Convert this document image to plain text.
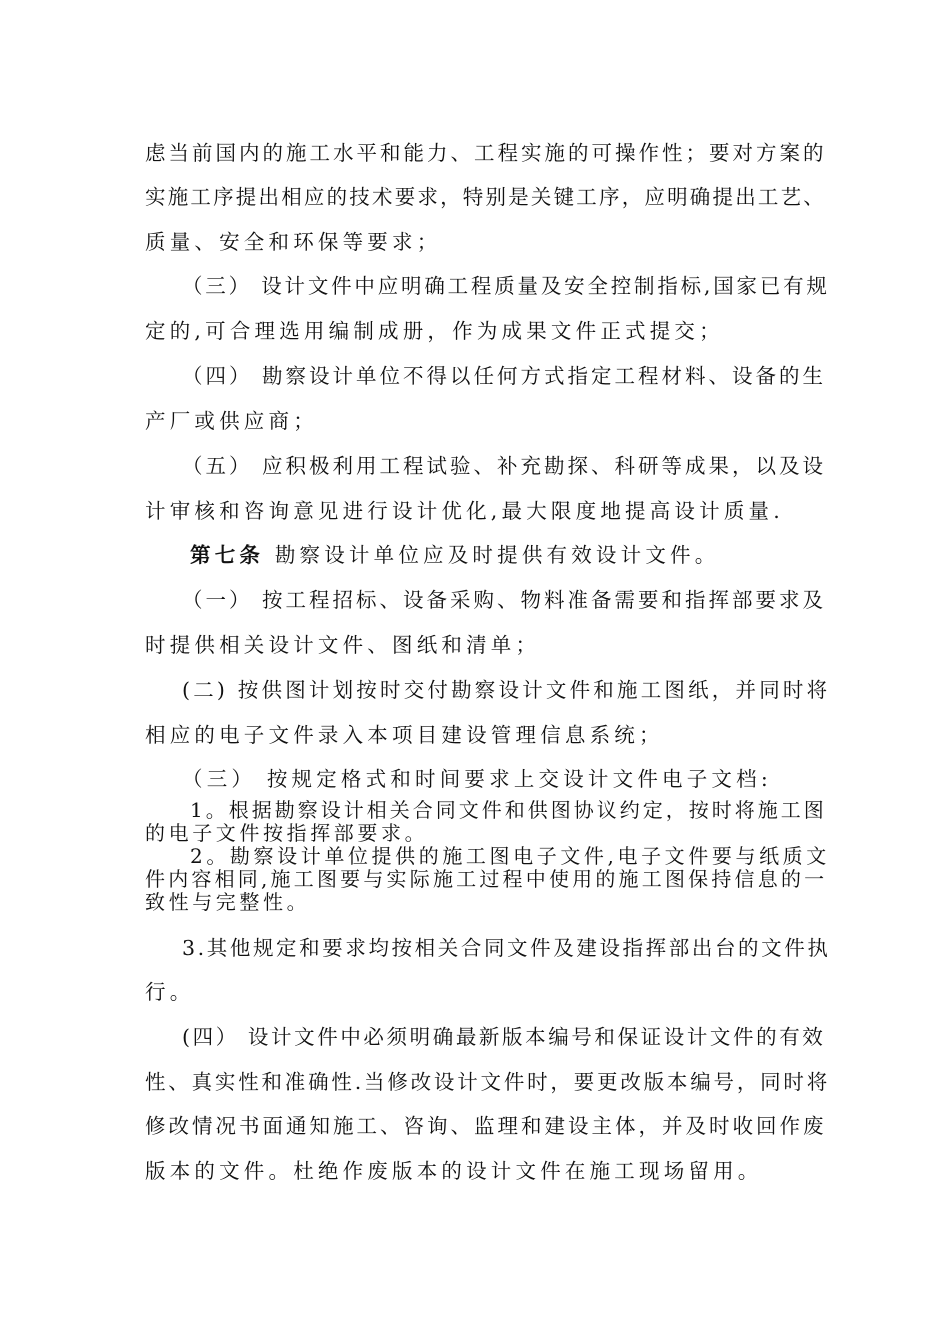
虑当前国内的施工水平和能力、工程实施的可操作性；要对方案的
实施工序提出相应的技术要求，特别是关键工序，应明确提出工艺、
质量、安全和环保等要求；
（三） 设计文件中应明确工程质量及安全控制指标,国家已有规
定的,可合理选用编制成册，作为成果文件正式提交；
（四） 勘察设计单位不得以任何方式指定工程材料、设备的生
产厂或供应商；
（五） 应积极利用工程试验、补充勘探、科研等成果，以及设
计审核和咨询意见进行设计优化,最大限度地提高设计质量.
第七条 勘察设计单位应及时提供有效设计文件。
（一） 按工程招标、设备采购、物料准备需要和指挥部要求及
时提供相关设计文件、图纸和清单；
(二) 按供图计划按时交付勘察设计文件和施工图纸，并同时将
相应的电子文件录入本项目建设管理信息系统；
（三） 按规定格式和时间要求上交设计文件电子文档:
1。根据勘察设计相关合同文件和供图协议约定，按时将施工图
的电子文件按指挥部要求。
2。勘察设计单位提供的施工图电子文件,电子文件要与纸质文
件内容相同,施工图要与实际施工过程中使用的施工图保持信息的一
致性与完整性。
3.其他规定和要求均按相关合同文件及建设指挥部出台的文件执
行。
(四） 设计文件中必须明确最新版本编号和保证设计文件的有效
性、真实性和准确性.当修改设计文件时，要更改版本编号，同时将
修改情况书面通知施工、咨询、监理和建设主体，并及时收回作废
版本的文件。杜绝作废版本的设计文件在施工现场留用。
